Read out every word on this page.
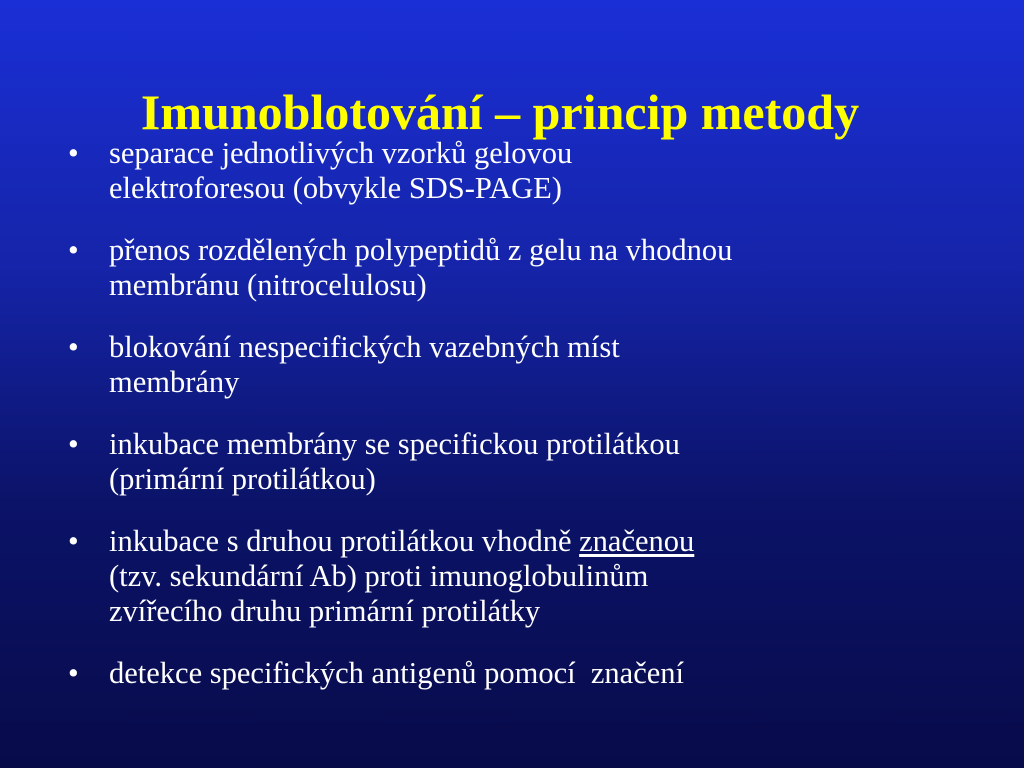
Imunoblotování – princip metody
• separace jednotlivých vzorků gelovou
elektroforesou (obvykle SDS-PAGE)
• přenos rozdělených polypeptidů z gelu na vhodnou
membránu (nitrocelulosu)
• blokování nespecifických vazebných míst
membrány
• inkubace membrány se specifickou protilátkou
(primární protilátkou)
• inkubace s druhou protilátkou vhodně značenou
(tzv. sekundární Ab) proti imunoglobulinům
zvířecího druhu primární protilátky
• detekce specifických antigenů pomocí  značení
